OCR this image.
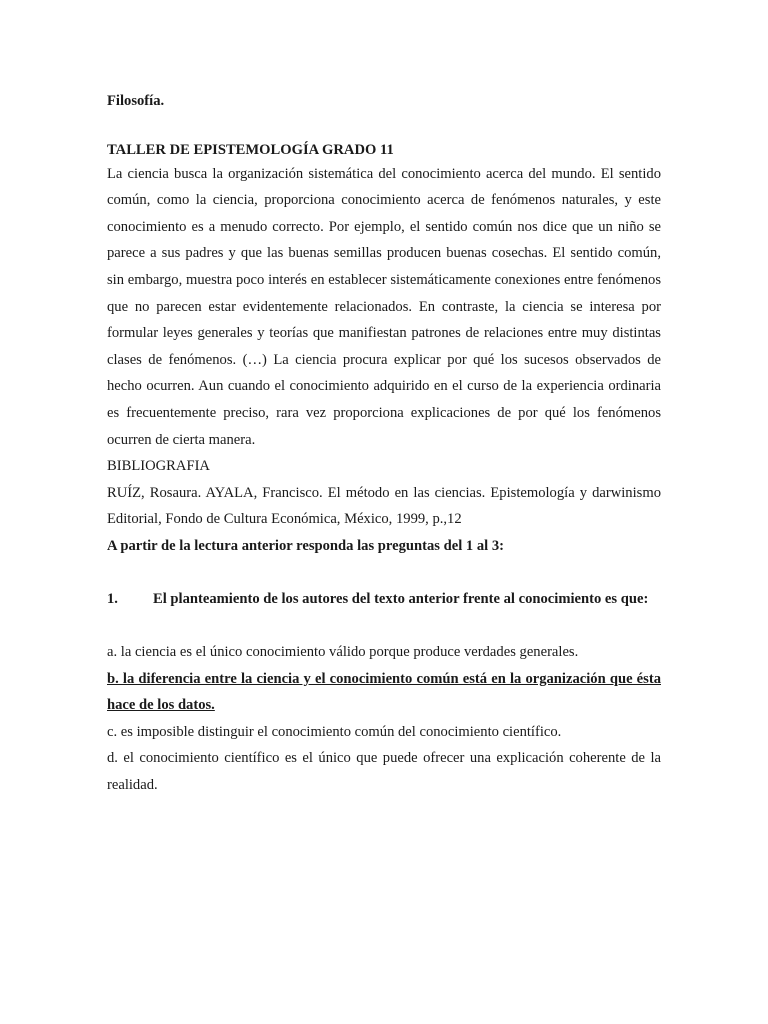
Filosofía.

TALLER DE EPISTEMOLOGÍA GRADO 11

La ciencia busca la organización sistemática del conocimiento acerca del mundo. El sentido común, como la ciencia, proporciona conocimiento acerca de fenómenos naturales, y este conocimiento es a menudo correcto. Por ejemplo, el sentido común nos dice que un niño se parece a sus padres y que las buenas semillas producen buenas cosechas. El sentido común, sin embargo, muestra poco interés en establecer sistemáticamente conexiones entre fenómenos que no parecen estar evidentemente relacionados. En contraste, la ciencia se interesa por formular leyes generales y teorías que manifiestan patrones de relaciones entre muy distintas clases de fenómenos. (…) La ciencia procura explicar por qué los sucesos observados de hecho ocurren. Aun cuando el conocimiento adquirido en el curso de la experiencia ordinaria es frecuentemente preciso, rara vez proporciona explicaciones de por qué los fenómenos ocurren de cierta manera.

BIBLIOGRAFIA

RUÍZ, Rosaura. AYALA, Francisco. El método en las ciencias. Epistemología y darwinismo Editorial, Fondo de Cultura Económica, México, 1999, p.,12

A partir de la lectura anterior responda las preguntas del 1 al 3:

1. El planteamiento de los autores del texto anterior frente al conocimiento es que:

a. la ciencia es el único conocimiento válido porque produce verdades generales.

b. la diferencia entre la ciencia y el conocimiento común está en la organización que ésta hace de los datos.

c. es imposible distinguir el conocimiento común del conocimiento científico.

d. el conocimiento científico es el único que puede ofrecer una explicación coherente de la realidad.
